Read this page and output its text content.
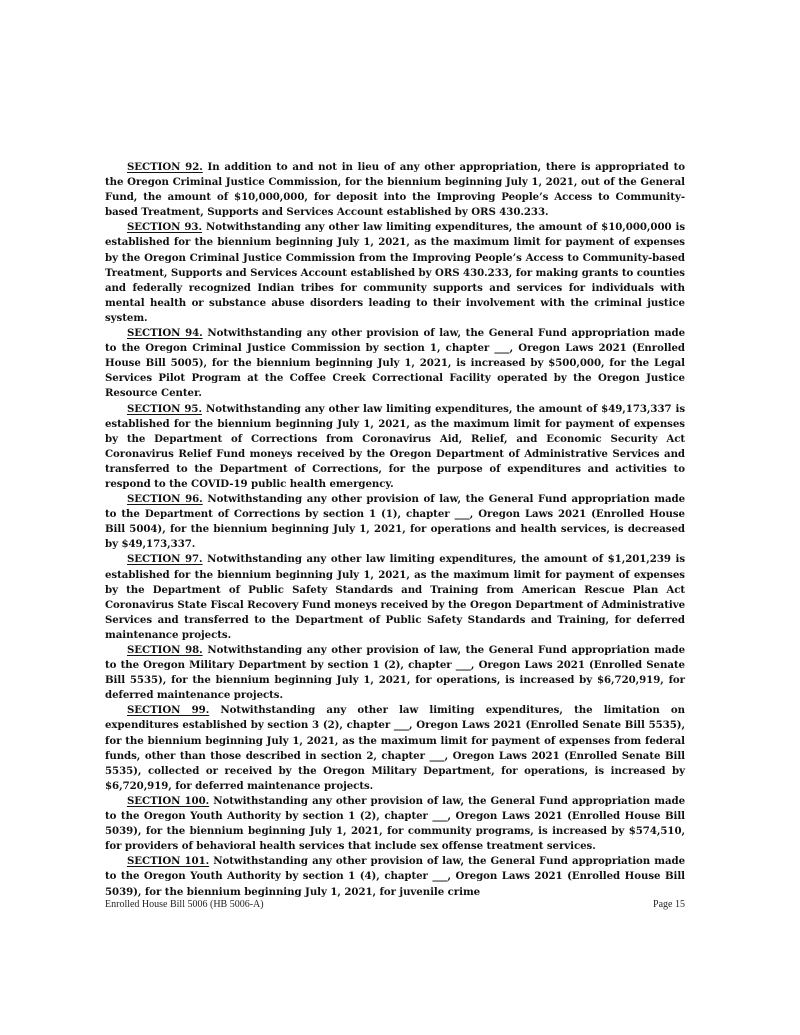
SECTION 92. In addition to and not in lieu of any other appropriation, there is appropriated to the Oregon Criminal Justice Commission, for the biennium beginning July 1, 2021, out of the General Fund, the amount of $10,000,000, for deposit into the Improving People’s Access to Community-based Treatment, Supports and Services Account established by ORS 430.233.

SECTION 93. Notwithstanding any other law limiting expenditures, the amount of $10,000,000 is established for the biennium beginning July 1, 2021, as the maximum limit for payment of expenses by the Oregon Criminal Justice Commission from the Improving People’s Access to Community-based Treatment, Supports and Services Account established by ORS 430.233, for making grants to counties and federally recognized Indian tribes for community supports and services for individuals with mental health or substance abuse disorders leading to their involvement with the criminal justice system.

SECTION 94. Notwithstanding any other provision of law, the General Fund appropriation made to the Oregon Criminal Justice Commission by section 1, chapter ___, Oregon Laws 2021 (Enrolled House Bill 5005), for the biennium beginning July 1, 2021, is increased by $500,000, for the Legal Services Pilot Program at the Coffee Creek Correctional Facility operated by the Oregon Justice Resource Center.

SECTION 95. Notwithstanding any other law limiting expenditures, the amount of $49,173,337 is established for the biennium beginning July 1, 2021, as the maximum limit for payment of expenses by the Department of Corrections from Coronavirus Aid, Relief, and Economic Security Act Coronavirus Relief Fund moneys received by the Oregon Department of Administrative Services and transferred to the Department of Corrections, for the purpose of expenditures and activities to respond to the COVID-19 public health emergency.

SECTION 96. Notwithstanding any other provision of law, the General Fund appropriation made to the Department of Corrections by section 1 (1), chapter ___, Oregon Laws 2021 (Enrolled House Bill 5004), for the biennium beginning July 1, 2021, for operations and health services, is decreased by $49,173,337.

SECTION 97. Notwithstanding any other law limiting expenditures, the amount of $1,201,239 is established for the biennium beginning July 1, 2021, as the maximum limit for payment of expenses by the Department of Public Safety Standards and Training from American Rescue Plan Act Coronavirus State Fiscal Recovery Fund moneys received by the Oregon Department of Administrative Services and transferred to the Department of Public Safety Standards and Training, for deferred maintenance projects.

SECTION 98. Notwithstanding any other provision of law, the General Fund appropriation made to the Oregon Military Department by section 1 (2), chapter ___, Oregon Laws 2021 (Enrolled Senate Bill 5535), for the biennium beginning July 1, 2021, for operations, is increased by $6,720,919, for deferred maintenance projects.

SECTION 99. Notwithstanding any other law limiting expenditures, the limitation on expenditures established by section 3 (2), chapter ___, Oregon Laws 2021 (Enrolled Senate Bill 5535), for the biennium beginning July 1, 2021, as the maximum limit for payment of expenses from federal funds, other than those described in section 2, chapter ___, Oregon Laws 2021 (Enrolled Senate Bill 5535), collected or received by the Oregon Military Department, for operations, is increased by $6,720,919, for deferred maintenance projects.

SECTION 100. Notwithstanding any other provision of law, the General Fund appropriation made to the Oregon Youth Authority by section 1 (2), chapter ___, Oregon Laws 2021 (Enrolled House Bill 5039), for the biennium beginning July 1, 2021, for community programs, is increased by $574,510, for providers of behavioral health services that include sex offense treatment services.

SECTION 101. Notwithstanding any other provision of law, the General Fund appropriation made to the Oregon Youth Authority by section 1 (4), chapter ___, Oregon Laws 2021 (Enrolled House Bill 5039), for the biennium beginning July 1, 2021, for juvenile crime

Enrolled House Bill 5006 (HB 5006-A)	Page 15
